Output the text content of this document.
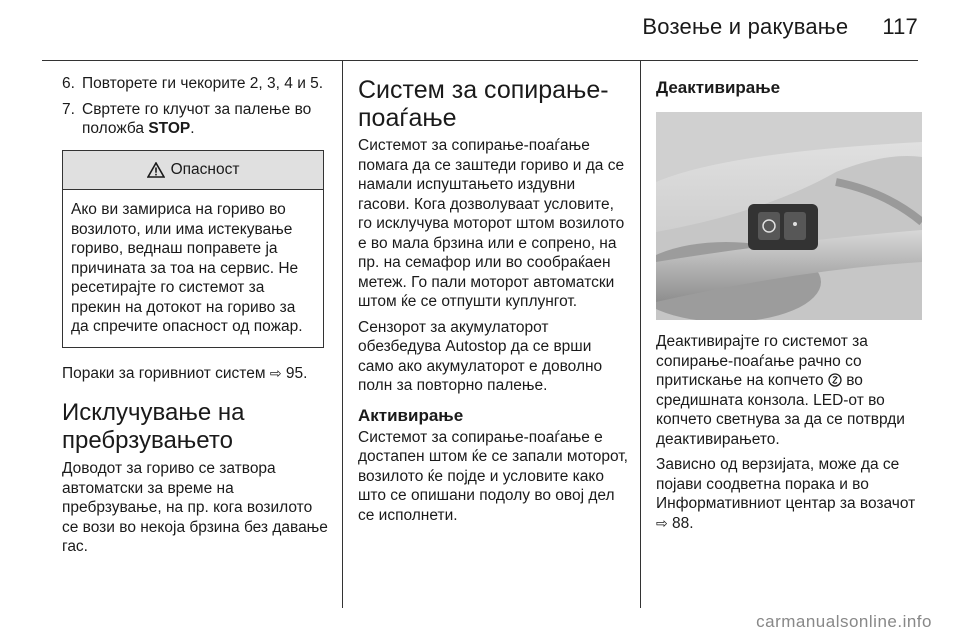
Возење и ракување 117
6. Повторете ги чекорите 2, 3, 4 и 5.
7. Свртете го клучот за палење во положба STOP.
Опасност
Ако ви замириса на гориво во возилото, или има истекување гориво, веднаш поправете ја причината за тоа на сервис. Не ресетирајте го системот за прекин на дотокот на гориво за да спречите опасност од пожар.

Пораки за горивниот систем ⇨ 95.

Исклучување на пребрзувањето

Доводот за гориво се затвора автоматски за време на пребрзување, на пр. кога возилото се вози во некоја брзина без давање гас.

Систем за сопирање-поаѓање

Системот за сопирање-поаѓање помага да се заштеди гориво и да се намали испуштањето издувни гасови. Кога дозволуваат условите, го исклучува моторот штом возилото е во мала брзина или е сопрено, на пр. на семафор или во сообраќаен метеж. Го пали моторот автоматски штом ќе се отпушти куплунгот.

Сензорот за акумулаторот обезбедува Autostop да се врши само ако акумулаторот е доволно полн за повторно палење.

Активирање

Системот за сопирање-поаѓање е достапен штом ќе се запали моторот, возилото ќе појде и условите како што се опишани подолу во овој дел се исполнети.

Деактивирање

Деактивирајте го системот за сопирање-поаѓање рачно со притискање на копчето  во средишната конзола. LED-от во копчето светнува за да се потврди деактивирањето.

Зависно од верзијата, може да се појави соодветна порака и во Информативниот центар за возачот ⇨ 88.

carmanualsonline.info
